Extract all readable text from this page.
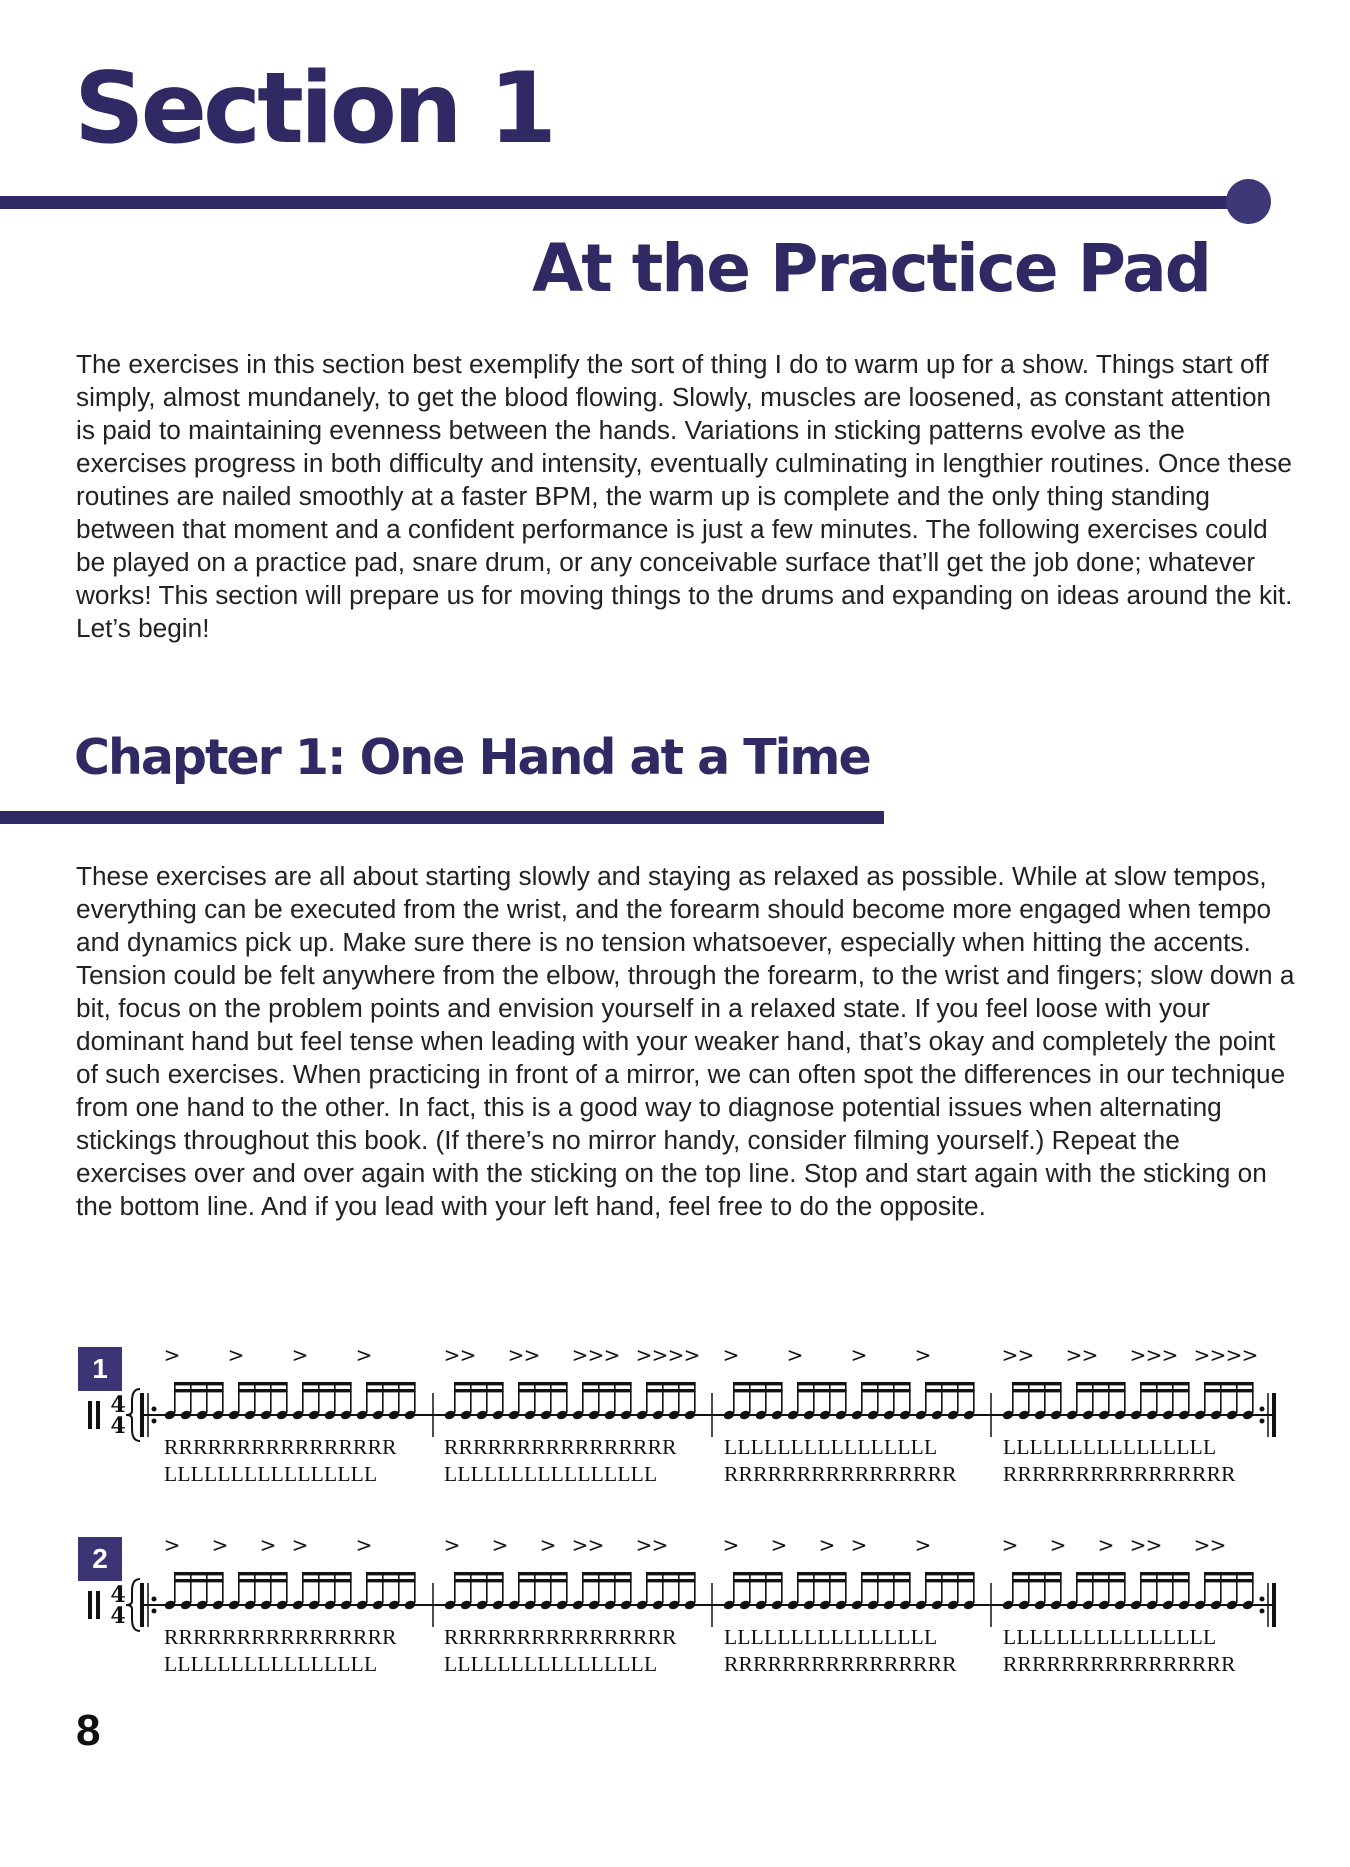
Section 1
At the Practice Pad

The exercises in this section best exemplify the sort of thing I do to warm up for a show. Things start off simply, almost mundanely, to get the blood flowing. Slowly, muscles are loosened, as constant attention is paid to maintaining evenness between the hands. Variations in sticking patterns evolve as the exercises progress in both difficulty and intensity, eventually culminating in lengthier routines. Once these routines are nailed smoothly at a faster BPM, the warm up is complete and the only thing standing between that moment and a confident performance is just a few minutes. The following exercises could be played on a practice pad, snare drum, or any conceivable surface that’ll get the job done; whatever works! This section will prepare us for moving things to the drums and expanding on ideas around the kit. Let’s begin!

Chapter 1: One Hand at a Time

These exercises are all about starting slowly and staying as relaxed as possible. While at slow tempos, everything can be executed from the wrist, and the forearm should become more engaged when tempo and dynamics pick up. Make sure there is no tension whatsoever, especially when hitting the accents. Tension could be felt anywhere from the elbow, through the forearm, to the wrist and fingers; slow down a bit, focus on the problem points and envision yourself in a relaxed state. If you feel loose with your dominant hand but feel tense when leading with your weaker hand, that’s okay and completely the point of such exercises. When practicing in front of a mirror, we can often spot the differences in our technique from one hand to the other. In fact, this is a good way to diagnose potential issues when alternating stickings throughout this book. (If there’s no mirror handy, consider filming yourself.) Repeat the exercises over and over again with the sticking on the top line. Stop and start again with the sticking on the bottom line. And if you lead with your left hand, feel free to do the opposite.

1
4
4
> > > >	> > > > > > > > > > > > > > >	> > > > > > > > > > >
RRRRRRRRRRRRRRRR RRRRRRRRRRRRRRRR LLLLLLLLLLLLLLLL	LLLLLLLLLLLLLLLL
LLLLLLLLLLLLLLLL	LLLLLLLLLLLLLLLL	RRRRRRRRRRRRRRRR RRRRRRRRRRRRRRRR
2
4
4
> > > > >	> > > > > > >	> > > > >	> > > > > > >
RRRRRRRRRRRRRRRR RRRRRRRRRRRRRRRR LLLLLLLLLLLLLLLL	LLLLLLLLLLLLLLLL
LLLLLLLLLLLLLLLL	LLLLLLLLLLLLLLLL	RRRRRRRRRRRRRRRR RRRRRRRRRRRRRRRR
8
